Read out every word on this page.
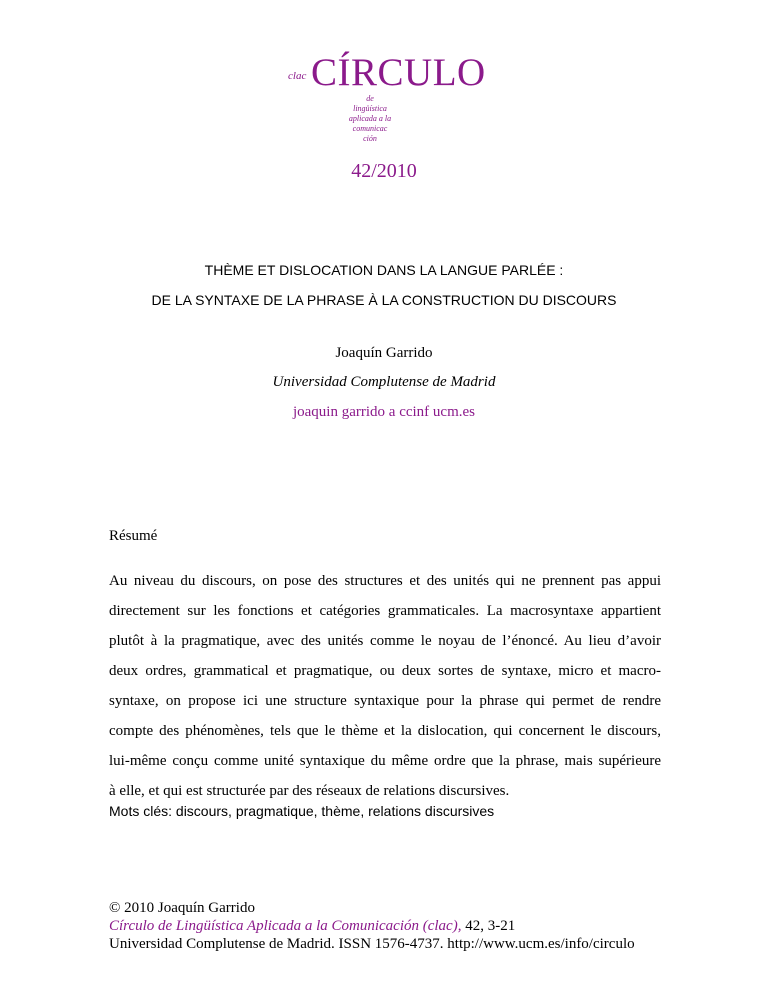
clac CÍRCULO
de
lingüística
aplicada a la
comunicac
ción
42/2010
THÈME ET DISLOCATION DANS LA LANGUE PARLÉE :
DE LA SYNTAXE DE LA PHRASE À LA CONSTRUCTION DU DISCOURS
Joaquín Garrido
Universidad Complutense de Madrid
joaquin garrido a ccinf ucm.es
Résumé
Au niveau du discours, on pose des structures et des unités qui ne prennent pas appui
directement sur les fonctions et catégories grammaticales. La macrosyntaxe appartient
plutôt à la pragmatique, avec des unités comme le noyau de l’énoncé. Au lieu d’avoir
deux ordres, grammatical et pragmatique, ou deux sortes de syntaxe, micro et macro-
syntaxe, on propose ici une structure syntaxique pour la phrase qui permet de rendre
compte des phénomènes, tels que le thème et la dislocation, qui concernent le discours,
lui-même conçu comme unité syntaxique du même ordre que la phrase, mais supérieure
à elle, et qui est structurée par des réseaux de relations discursives.
Mots clés: discours, pragmatique, thème, relations discursives
© 2010 Joaquín Garrido
Círculo de Lingüística Aplicada a la Comunicación (clac), 42, 3-21
Universidad Complutense de Madrid. ISSN 1576-4737. http://www.ucm.es/info/circulo
